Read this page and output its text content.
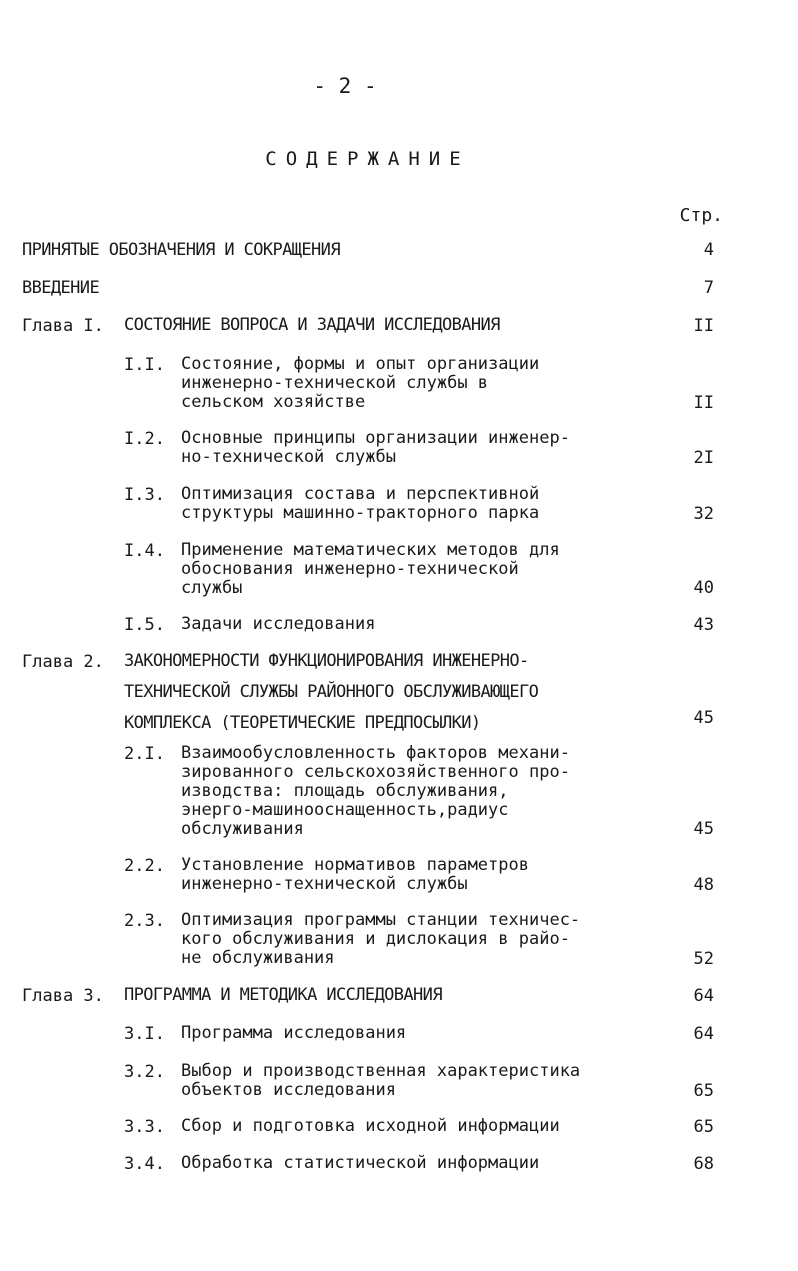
- 2 -
СОДЕРЖАНИЕ
Стр.
ПРИНЯТЫЕ ОБОЗНАЧЕНИЯ И СОКРАЩЕНИЯ	4
ВВЕДЕНИЕ	7
Глава I. СОСТОЯНИЕ ВОПРОСА И ЗАДАЧИ ИССЛЕДОВАНИЯ	II
I.I. Состояние, формы и опыт организации
инженерно-технической службы в
сельском хозяйстве	II
I.2. Основные принципы организации инженер-
но-технической службы	2I
I.3. Оптимизация состава и перспективной
структуры машинно-тракторного парка	32
I.4. Применение математических методов для
обоснования инженерно-технической
службы	40
I.5. Задачи исследования	43
Глава 2. ЗАКОНОМЕРНОСТИ ФУНКЦИОНИРОВАНИЯ ИНЖЕНЕРНО-
ТЕХНИЧЕСКОЙ СЛУЖБЫ РАЙОННОГО ОБСЛУЖИВАЮЩЕГО
КОМПЛЕКСА (ТЕОРЕТИЧЕСКИЕ ПРЕДПОСЫЛКИ)	45
2.I. Взаимообусловленность факторов механи-
зированного сельскохозяйственного про-
изводства: площадь обслуживания,
энерго-машинооснащенность,радиус
обслуживания	45
2.2. Установление нормативов параметров
инженерно-технической службы	48
2.3. Оптимизация программы станции техничес-
кого обслуживания и дислокация в райо-
не обслуживания	52
Глава 3. ПРОГРАММА И МЕТОДИКА ИССЛЕДОВАНИЯ	64
3.I. Программа исследования	64
3.2. Выбор и производственная характеристика
объектов исследования	65
3.3. Сбор и подготовка исходной информации	65
3.4. Обработка статистической информации	68
